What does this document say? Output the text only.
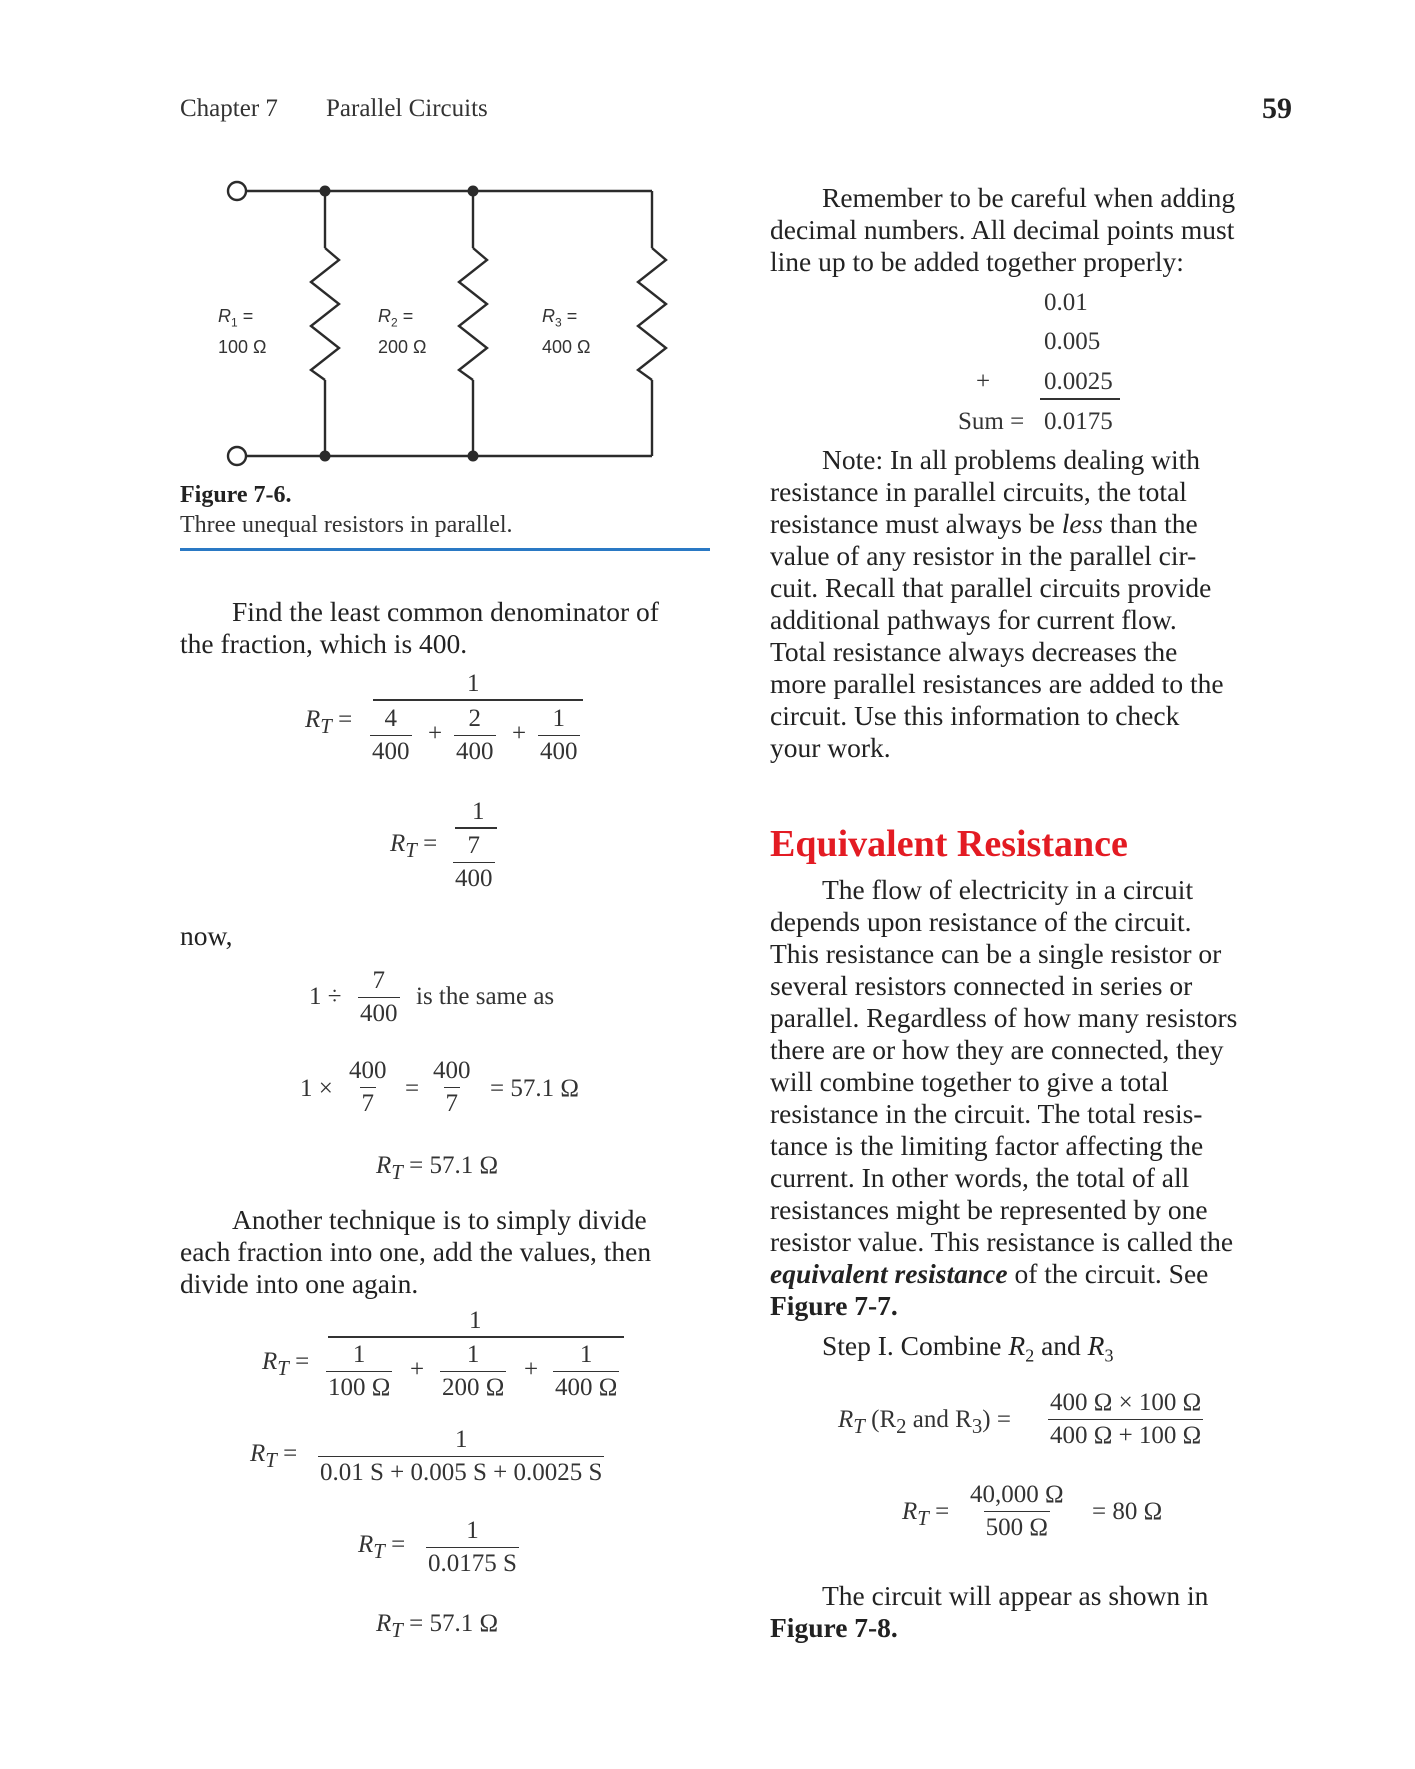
Chapter 7 Parallel Circuits	59
$R_1$ =
100 Ω
$R_2$ =
200 Ω
$R_3$ =
400 Ω
Figure 7-6.
Three unequal resistors in parallel.
Find the least common denominator of
the fraction, which is 400.
$R_T$ =
1
$\frac{4}{400} + \frac{2}{400} + \frac{1}{400}$
$R_T$ =
1
$\frac{7}{400}$
now,
$1 \div \frac{7}{400}$ is the same as
$1 \times \frac{400}{7} = \frac{400}{7} = 57.1$ Ω
$R_T = 57.1$ Ω
Another technique is to simply divide
each fraction into one, add the values, then
divide into one again.
$R_T$ =
1
$\frac{1}{100 \Omega} + \frac{1}{200 \Omega} + \frac{1}{400 \Omega}$
$R_T = \frac{1}{0.01 S + 0.005 S + 0.0025 S}$
$R_T = \frac{1}{0.0175 S}$
$R_T = 57.1$ Ω
Remember to be careful when adding
decimal numbers. All decimal points must
line up to be added together properly:
0.01
0.005
+ 0.0025
Sum = 0.0175
Note: In all problems dealing with
resistance in parallel circuits, the total
resistance must always be less than the
value of any resistor in the parallel cir-
cuit. Recall that parallel circuits provide
additional pathways for current flow.
Total resistance always decreases the
more parallel resistances are added to the
circuit. Use this information to check
your work.
Equivalent Resistance
The flow of electricity in a circuit
depends upon resistance of the circuit.
This resistance can be a single resistor or
several resistors connected in series or
parallel. Regardless of how many resistors
there are or how they are connected, they
will combine together to give a total
resistance in the circuit. The total resis-
tance is the limiting factor affecting the
current. In other words, the total of all
resistances might be represented by one
resistor value. This resistance is called the
equivalent resistance of the circuit. See
Figure 7-7.
Step I. Combine $R_2$ and $R_3$
$R_T$ ($R_2$ and $R_3) = \frac{400 \Omega \times 100 \Omega}{400 \Omega + 100 \Omega}$
$R_T = \frac{40,000 \Omega}{500 \Omega} = 80$ Ω
The circuit will appear as shown in
Figure 7-8.
